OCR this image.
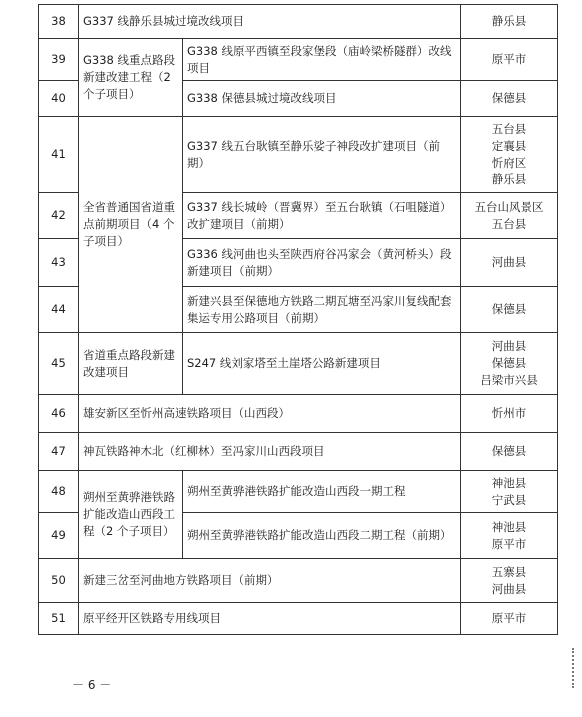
38	G337 线静乐县城过境改线项目		静乐县
39	G338 线重点路段新建改建工程（2 个子项目）	G338 线原平西镇至段家堡段（庙岭梁桥隧群）改线项目	原平市
40		G338 保德县城过境改线项目	保德县
41	全省普通国省道重点前期项目（4 个子项目）	G337 线五台耿镇至静乐娑子神段改扩建项目（前期）	五台县
定襄县
忻府区
静乐县
42		G337 线长城岭（晋冀界）至五台耿镇（石咀隧道）改扩建项目（前期）	五台山风景区
五台县
43		G336 线河曲也头至陕西府谷冯家会（黄河桥头）段新建项目（前期）	河曲县
44		新建兴县至保德地方铁路二期瓦塘至冯家川复线配套集运专用公路项目（前期）	保德县
45	省道重点路段新建改建项目	S247 线刘家塔至土崖塔公路新建项目	河曲县
保德县
吕梁市兴县
46	雄安新区至忻州高速铁路项目（山西段）		忻州市
47	神瓦铁路神木北（红柳林）至冯家川山西段项目		保德县
48	朔州至黄骅港铁路扩能改造山西段工程（2 个子项目）	朔州至黄骅港铁路扩能改造山西段一期工程	神池县
宁武县
49		朔州至黄骅港铁路扩能改造山西段二期工程（前期）	神池县
原平市
50	新建三岔至河曲地方铁路项目（前期）		五寨县
河曲县
51	原平经开区铁路专用线项目		原平市
－ 6 －
